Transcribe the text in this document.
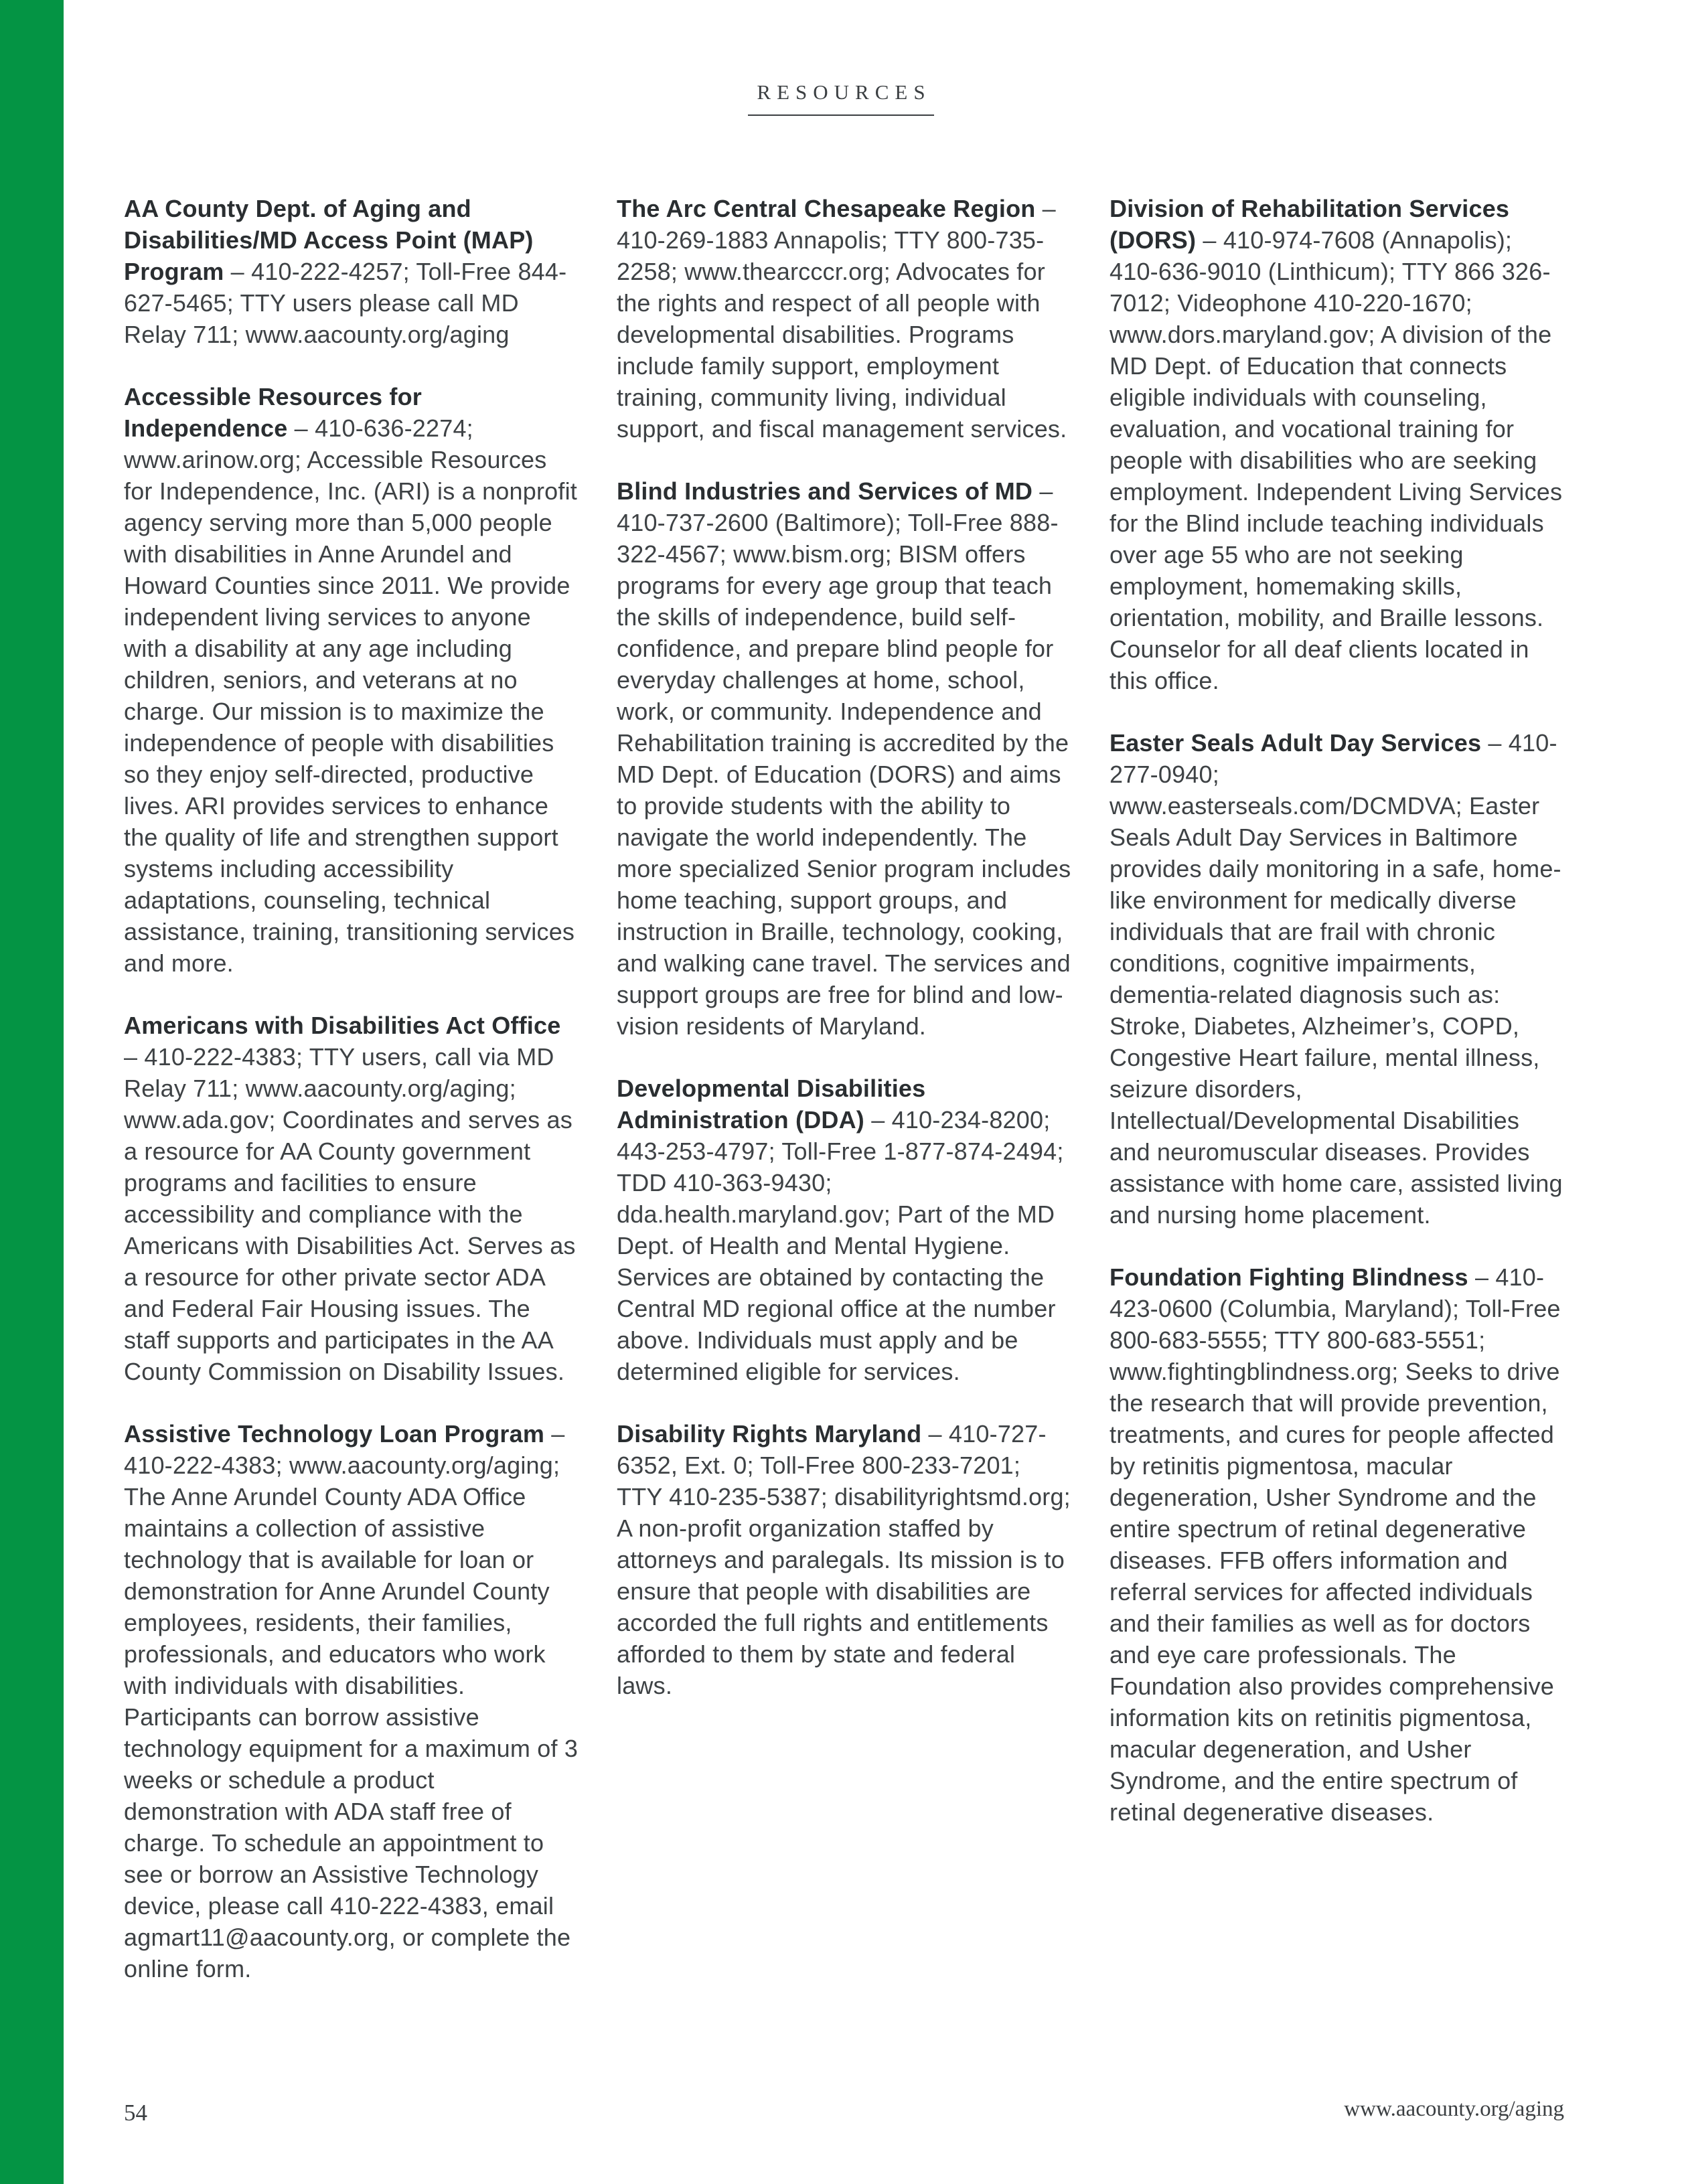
RESOURCES

AA County Dept. of Aging and Disabilities/MD Access Point (MAP) Program – 410-222-4257; Toll-Free 844-627-5465; TTY users please call MD Relay 711; www.aacounty.org/aging

Accessible Resources for Independence – 410-636-2274; www.arinow.org; Accessible Resources for Independence, Inc. (ARI) is a nonprofit agency serving more than 5,000 people with disabilities in Anne Arundel and Howard Counties since 2011. We provide independent living services to anyone with a disability at any age including children, seniors, and veterans at no charge. Our mission is to maximize the independence of people with disabilities so they enjoy self-directed, productive lives. ARI provides services to enhance the quality of life and strengthen support systems including accessibility adaptations, counseling, technical assistance, training, transitioning services and more.

Americans with Disabilities Act Office – 410-222-4383; TTY users, call via MD Relay 711; www.aacounty.org/aging; www.ada.gov; Coordinates and serves as a resource for AA County government programs and facilities to ensure accessibility and compliance with the Americans with Disabilities Act. Serves as a resource for other private sector ADA and Federal Fair Housing issues. The staff supports and participates in the AA County Commission on Disability Issues.

Assistive Technology Loan Program – 410-222-4383; www.aacounty.org/aging; The Anne Arundel County ADA Office maintains a collection of assistive technology that is available for loan or demonstration for Anne Arundel County employees, residents, their families, professionals, and educators who work with individuals with disabilities. Participants can borrow assistive technology equipment for a maximum of 3 weeks or schedule a product demonstration with ADA staff free of charge. To schedule an appointment to see or borrow an Assistive Technology device, please call 410-222-4383, email agmart11@aacounty.org, or complete the online form.

The Arc Central Chesapeake Region – 410-269-1883 Annapolis; TTY 800-735-2258; www.thearcccr.org; Advocates for the rights and respect of all people with developmental disabilities. Programs include family support, employment training, community living, individual support, and fiscal management services.

Blind Industries and Services of MD – 410-737-2600 (Baltimore); Toll-Free 888-322-4567; www.bism.org; BISM offers programs for every age group that teach the skills of independence, build self-confidence, and prepare blind people for everyday challenges at home, school, work, or community. Independence and Rehabilitation training is accredited by the MD Dept. of Education (DORS) and aims to provide students with the ability to navigate the world independently. The more specialized Senior program includes home teaching, support groups, and instruction in Braille, technology, cooking, and walking cane travel. The services and support groups are free for blind and low-vision residents of Maryland.

Developmental Disabilities Administration (DDA) – 410-234-8200; 443-253-4797; Toll-Free 1-877-874-2494; TDD 410-363-9430; dda.health.maryland.gov; Part of the MD Dept. of Health and Mental Hygiene. Services are obtained by contacting the Central MD regional office at the number above. Individuals must apply and be determined eligible for services.

Disability Rights Maryland – 410-727-6352, Ext. 0; Toll-Free 800-233-7201; TTY 410-235-5387; disabilityrightsmd.org; A non-profit organization staffed by attorneys and paralegals. Its mission is to ensure that people with disabilities are accorded the full rights and entitlements afforded to them by state and federal laws.

Division of Rehabilitation Services (DORS) – 410-974-7608 (Annapolis); 410-636-9010 (Linthicum); TTY 866 326-7012; Videophone 410-220-1670; www.dors.maryland.gov; A division of the MD Dept. of Education that connects eligible individuals with counseling, evaluation, and vocational training for people with disabilities who are seeking employment. Independent Living Services for the Blind include teaching individuals over age 55 who are not seeking employment, homemaking skills, orientation, mobility, and Braille lessons. Counselor for all deaf clients located in this office.

Easter Seals Adult Day Services – 410-277-0940; www.easterseals.com/DCMDVA; Easter Seals Adult Day Services in Baltimore provides daily monitoring in a safe, home-like environment for medically diverse individuals that are frail with chronic conditions, cognitive impairments, dementia-related diagnosis such as: Stroke, Diabetes, Alzheimer’s, COPD, Congestive Heart failure, mental illness, seizure disorders, Intellectual/Developmental Disabilities and neuromuscular diseases. Provides assistance with home care, assisted living and nursing home placement.

Foundation Fighting Blindness – 410-423-0600 (Columbia, Maryland); Toll-Free 800-683-5555; TTY 800-683-5551; www.fightingblindness.org; Seeks to drive the research that will provide prevention, treatments, and cures for people affected by retinitis pigmentosa, macular degeneration, Usher Syndrome and the entire spectrum of retinal degenerative diseases. FFB offers information and referral services for affected individuals and their families as well as for doctors and eye care professionals. The Foundation also provides comprehensive information kits on retinitis pigmentosa, macular degeneration, and Usher Syndrome, and the entire spectrum of retinal degenerative diseases.

54	www.aacounty.org/aging
